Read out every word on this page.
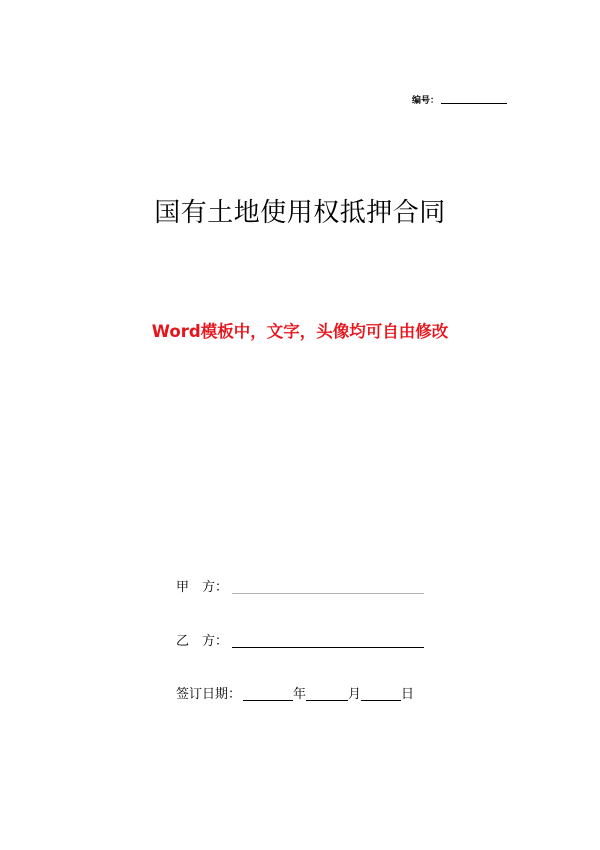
编号：
国有土地使用权抵押合同
Word模板中，文字，头像均可自由修改
甲　方：
乙　方：
签订日期：	年	月	日
